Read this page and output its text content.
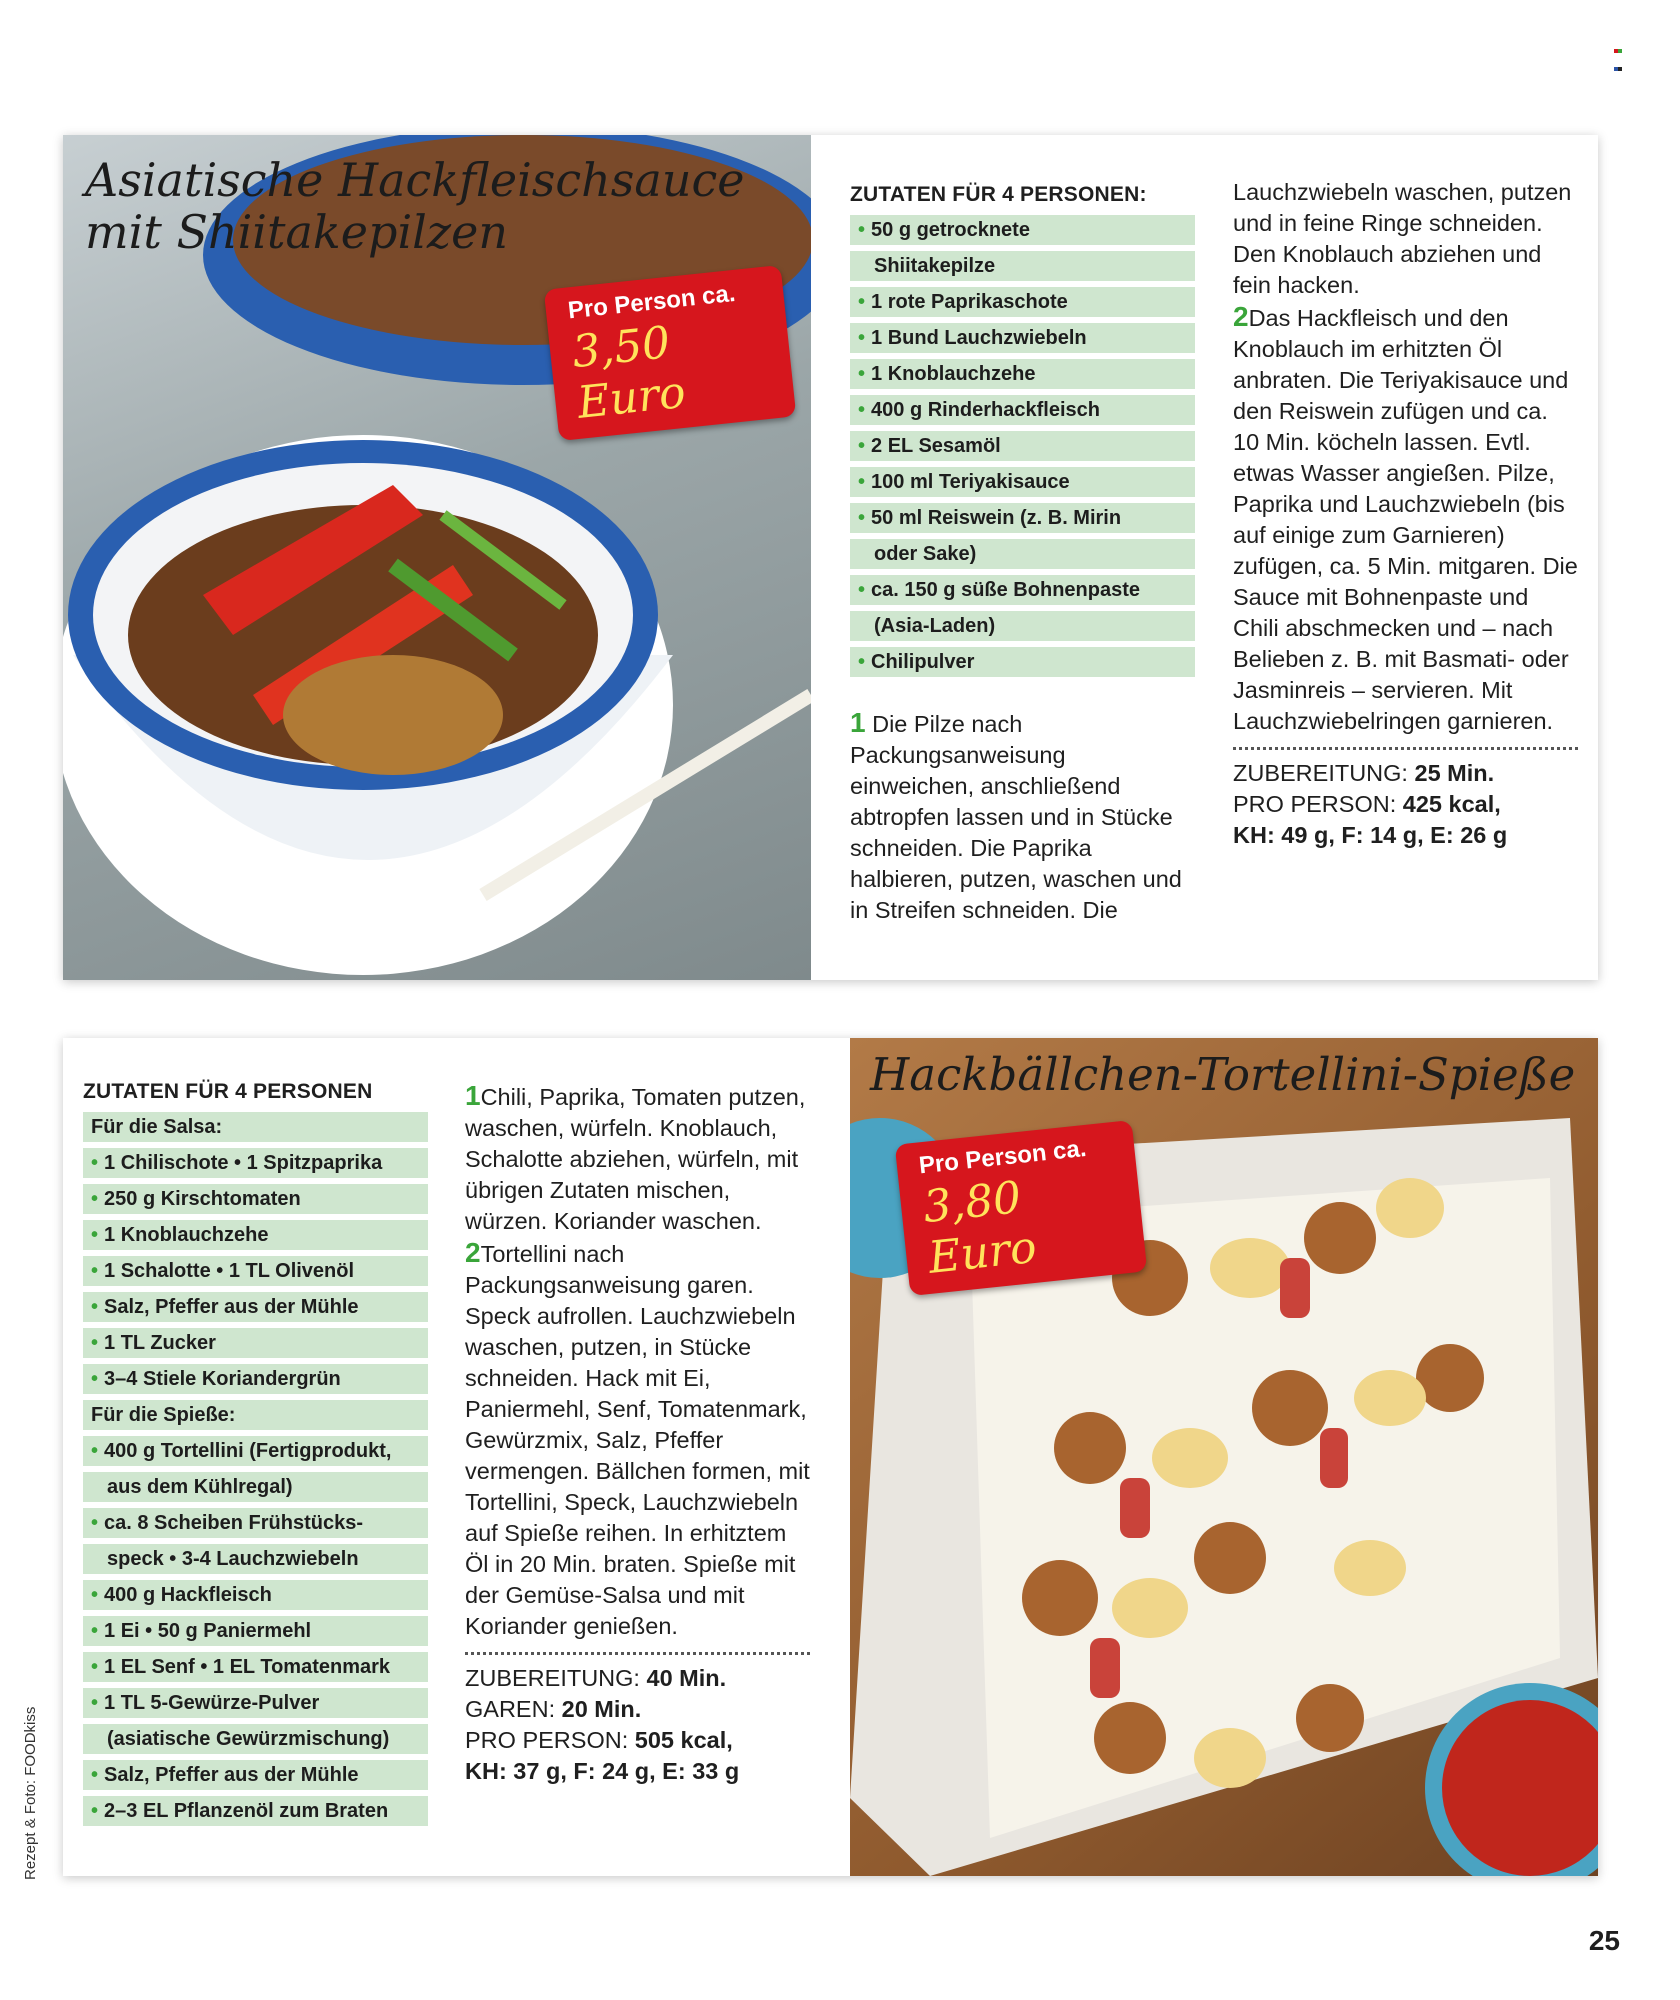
Asiatische Hackfleischsauce
mit Shiitakepilzen
Pro Person ca.
3,50 Euro
ZUTATEN FÜR 4 PERSONEN:
• 50 g getrocknete
Shiitakepilze
• 1 rote Paprikaschote
• 1 Bund Lauchzwiebeln
• 1 Knoblauchzehe
• 400 g Rinderhackfleisch
• 2 EL Sesamöl
• 100 ml Teriyakisauce
• 50 ml Reiswein (z. B. Mirin
oder Sake)
• ca. 150 g süße Bohnenpaste
(Asia-Laden)
• Chilipulver
1 Die Pilze nach Packungsanweisung einweichen, anschließend abtropfen lassen und in Stücke schneiden. Die Paprika halbieren, putzen, waschen und in Streifen schneiden. Die
Lauchzwiebeln waschen, putzen und in feine Ringe schneiden. Den Knoblauch abziehen und fein hacken.
2Das Hackfleisch und den Knoblauch im erhitzten Öl anbraten. Die Teriyakisauce und den Reiswein zufügen und ca. 10 Min. köcheln lassen. Evtl. etwas Wasser angießen. Pilze, Paprika und Lauchzwiebeln (bis auf einige zum Garnieren) zufügen, ca. 5 Min. mitgaren. Die Sauce mit Bohnenpaste und Chili abschmecken und – nach Belieben z. B. mit Basmati- oder Jasminreis – servieren. Mit Lauchzwiebelringen garnieren.
ZUBEREITUNG: 25 Min.
PRO PERSON: 425 kcal,
KH: 49 g, F: 14 g, E: 26 g
ZUTATEN FÜR 4 PERSONEN
Für die Salsa:
• 1 Chilischote • 1 Spitzpaprika
• 250 g Kirschtomaten
• 1 Knoblauchzehe
• 1 Schalotte • 1 TL Olivenöl
• Salz, Pfeffer aus der Mühle
• 1 TL Zucker
• 3–4 Stiele Koriandergrün
Für die Spieße:
• 400 g Tortellini (Fertigprodukt,
aus dem Kühlregal)
• ca. 8 Scheiben Frühstücks-
speck • 3-4 Lauchzwiebeln
• 400 g Hackfleisch
• 1 Ei • 50 g Paniermehl
• 1 EL Senf • 1 EL Tomatenmark
• 1 TL 5-Gewürze-Pulver
(asiatische Gewürzmischung)
• Salz, Pfeffer aus der Mühle
• 2–3 EL Pflanzenöl zum Braten
1Chili, Paprika, Tomaten putzen, waschen, würfeln. Knoblauch, Schalotte abziehen, würfeln, mit übrigen Zutaten mischen, würzen. Koriander waschen.
2Tortellini nach Packungsanweisung garen. Speck aufrollen. Lauchzwiebeln waschen, putzen, in Stücke schneiden. Hack mit Ei, Paniermehl, Senf, Tomatenmark, Gewürzmix, Salz, Pfeffer vermengen. Bällchen formen, mit Tortellini, Speck, Lauchzwiebeln auf Spieße reihen. In erhitztem Öl in 20 Min. braten. Spieße mit der Gemüse-Salsa und mit Koriander genießen.
ZUBEREITUNG: 40 Min.
GAREN: 20 Min.
PRO PERSON: 505 kcal,
KH: 37 g, F: 24 g, E: 33 g
Hackbällchen-Tortellini-Spieße
Pro Person ca.
3,80 Euro
Rezept & Foto: FOODkiss
25
